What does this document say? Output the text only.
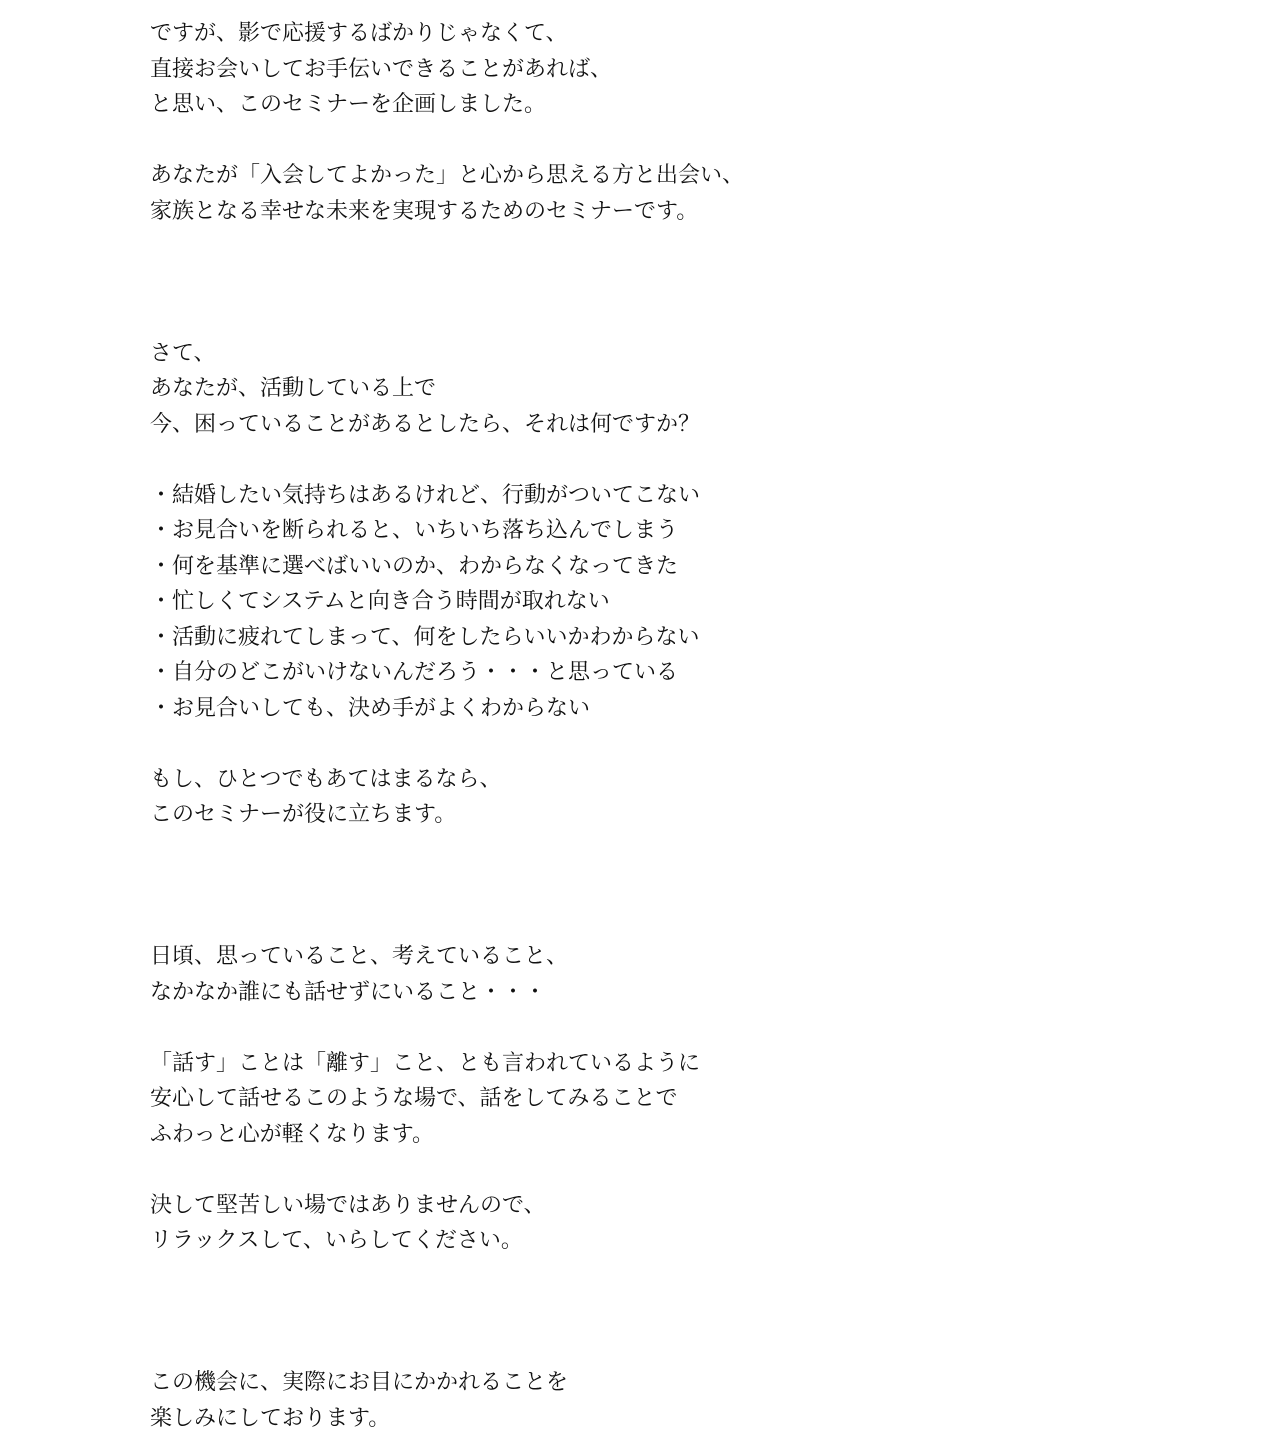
ですが、影で応援するばかりじゃなくて、
直接お会いしてお手伝いできることがあれば、
と思い、このセミナーを企画しました。
あなたが「入会してよかった」と心から思える方と出会い、
家族となる幸せな未来を実現するためのセミナーです。
さて、
あなたが、活動している上で
今、困っていることがあるとしたら、それは何ですか？
・結婚したい気持ちはあるけれど、行動がついてこない
・お見合いを断られると、いちいち落ち込んでしまう
・何を基準に選べばいいのか、わからなくなってきた
・忙しくてシステムと向き合う時間が取れない
・活動に疲れてしまって、何をしたらいいかわからない
・自分のどこがいけないんだろう・・・と思っている
・お見合いしても、決め手がよくわからない
もし、ひとつでもあてはまるなら、
このセミナーが役に立ちます。
日頃、思っていること、考えていること、
なかなか誰にも話せずにいること・・・
「話す」ことは「離す」こと、とも言われているように
安心して話せるこのような場で、話をしてみることで
ふわっと心が軽くなります。
決して堅苦しい場ではありませんので、
リラックスして、いらしてください。
この機会に、実際にお目にかかれることを
楽しみにしております。
